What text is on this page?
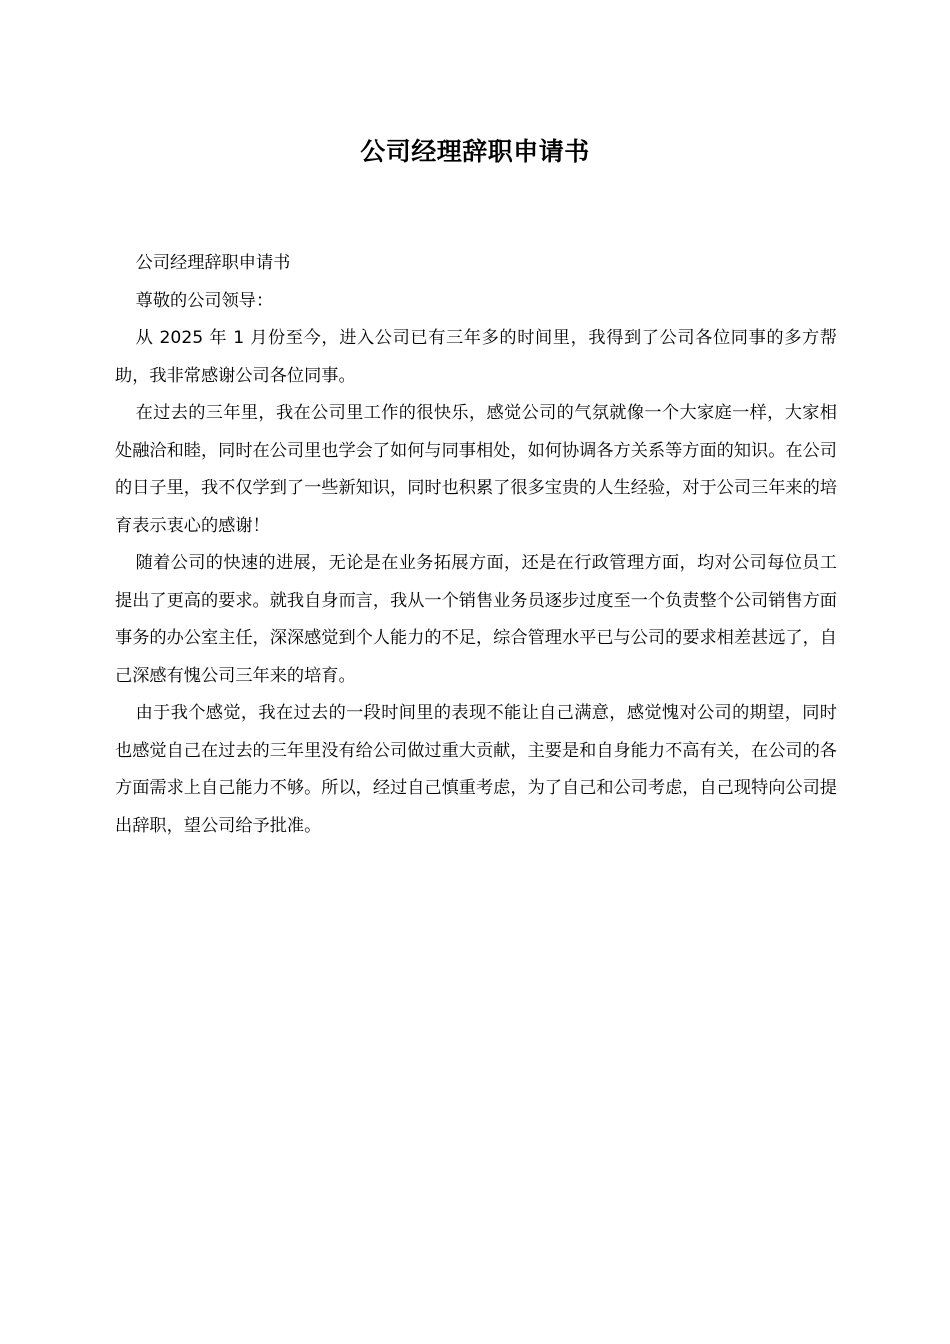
公司经理辞职申请书

公司经理辞职申请书

尊敬的公司领导：

从 2025 年 1 月份至今，进入公司已有三年多的时间里，我得到了公司各位同事的多方帮助，我非常感谢公司各位同事。

在过去的三年里，我在公司里工作的很快乐，感觉公司的气氛就像一个大家庭一样，大家相处融洽和睦，同时在公司里也学会了如何与同事相处，如何协调各方关系等方面的知识。在公司的日子里，我不仅学到了一些新知识，同时也积累了很多宝贵的人生经验，对于公司三年来的培育表示衷心的感谢！

随着公司的快速的进展，无论是在业务拓展方面，还是在行政管理方面，均对公司每位员工提出了更高的要求。就我自身而言，我从一个销售业务员逐步过度至一个负责整个公司销售方面事务的办公室主任，深深感觉到个人能力的不足，综合管理水平已与公司的要求相差甚远了，自己深感有愧公司三年来的培育。

由于我个感觉，我在过去的一段时间里的表现不能让自己满意，感觉愧对公司的期望，同时也感觉自己在过去的三年里没有给公司做过重大贡献，主要是和自身能力不高有关，在公司的各方面需求上自己能力不够。所以，经过自己慎重考虑，为了自己和公司考虑，自己现特向公司提出辞职，望公司给予批准。
